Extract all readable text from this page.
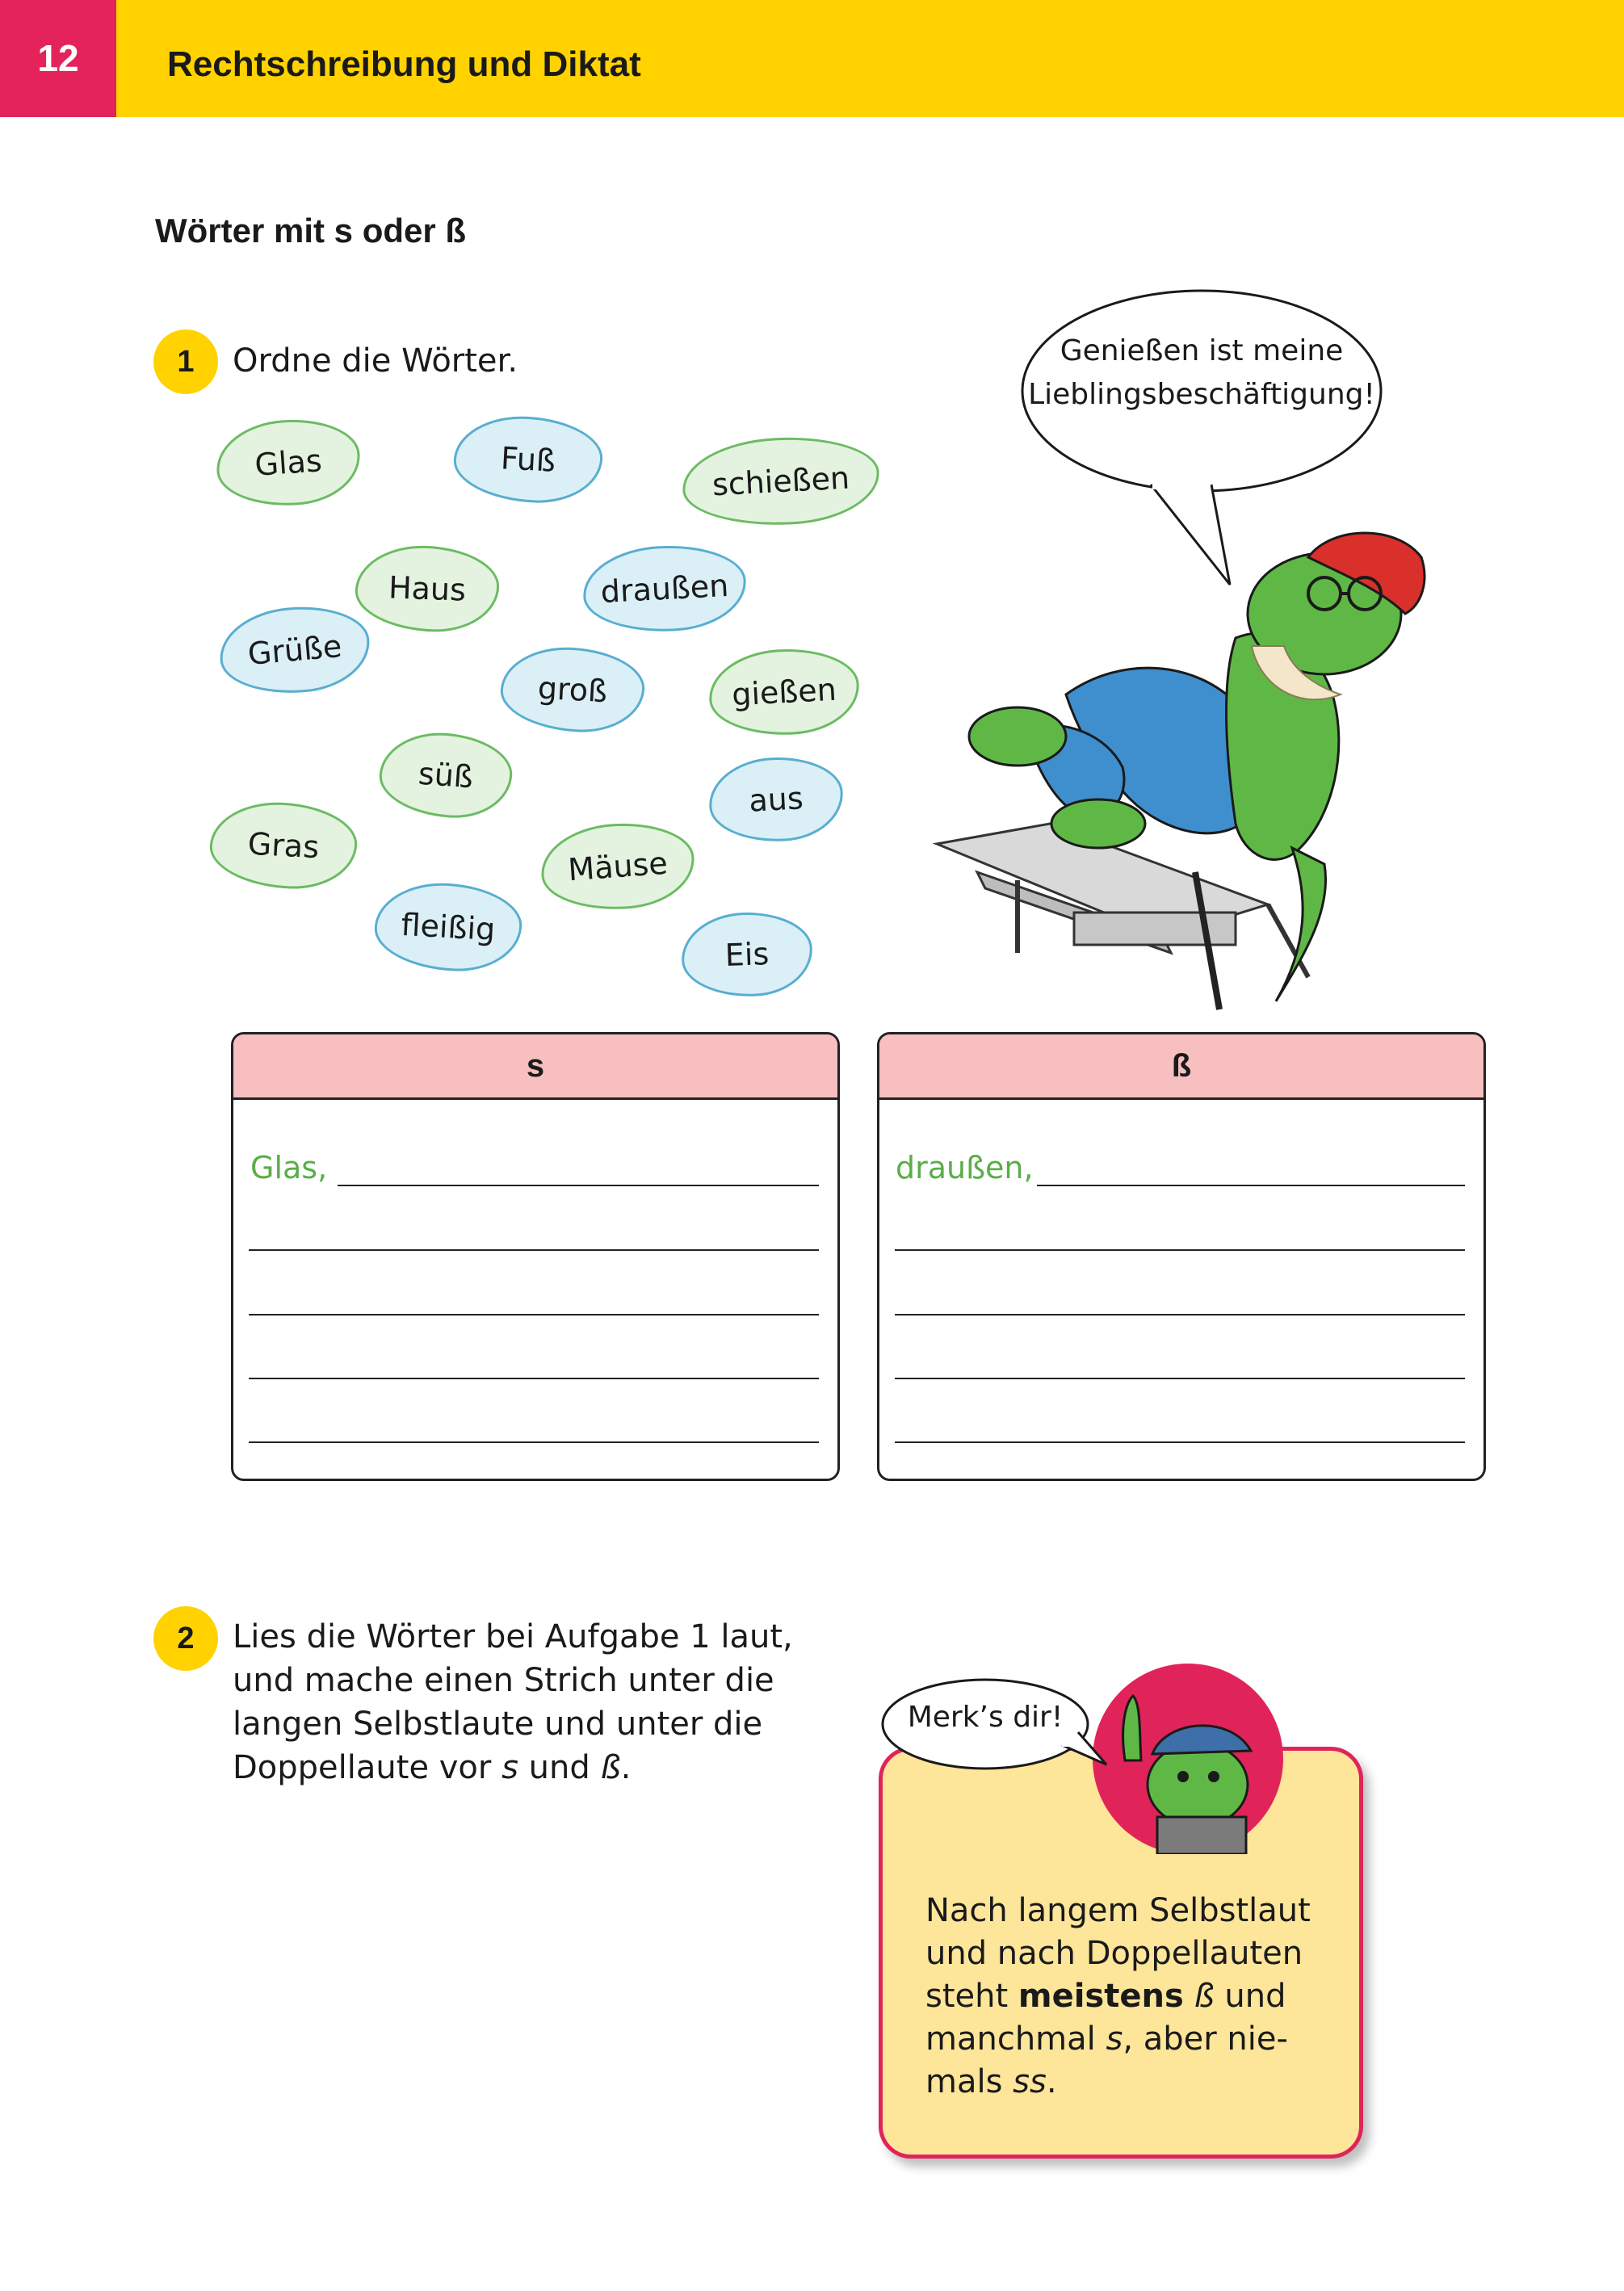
12	Rechtschreibung und Diktat
Wörter mit s oder ß
1	Ordne die Wörter.
Glas	Fuß
schießen
Haus	draußen
Grüße
groß	gießen
süß
aus
Gras	Mäuse
fleißig
Eis
Genießen ist meine
Lieblingsbeschäftigung!
s
Glas,
ß
draußen,
2	Lies die Wörter bei Aufgabe 1 laut,
und mache einen Strich unter die
langen Selbstlaute und unter die
Doppellaute vor s und ß.
Merk’s dir!
Nach langem Selbstlaut
und nach Doppellauten
steht meistens ß und
manchmal s, aber nie-
mals ss.
